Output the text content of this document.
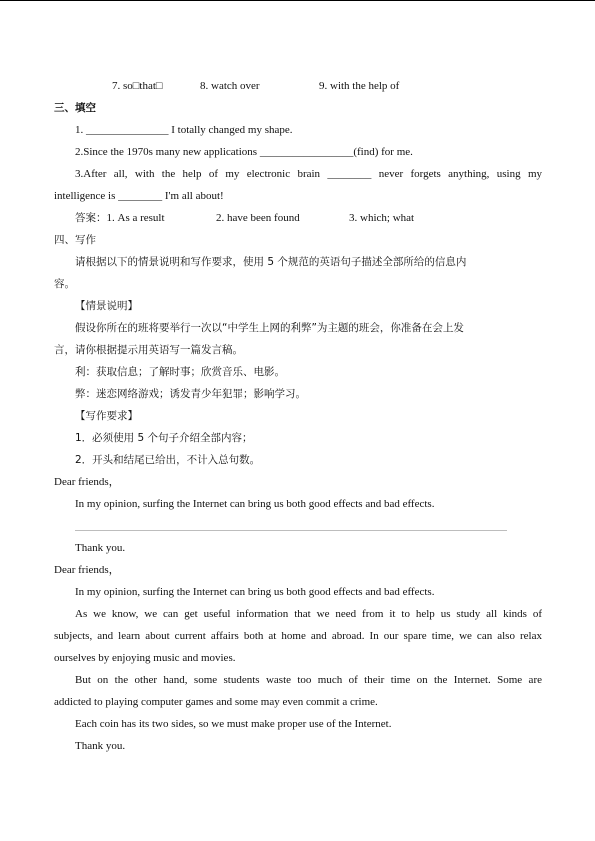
7. so□that□	8. watch over	9. with the help of
三、填空
1. _______________ I totally changed my shape.
2.Since the 1970s many new applications _________________(find) for me.
3.After all, with the help of my electronic brain ________ never forgets anything, using my
intelligence is ________ I'm all about!
答案：1. As a result	2. have been found	3. which; what
四、写作
请根据以下的情景说明和写作要求，使用 5 个规范的英语句子描述全部所给的信息内
容。
【情景说明】
假设你所在的班将要举行一次以“中学生上网的利弊”为主题的班会，你准备在会上发
言，请你根据提示用英语写一篇发言稿。
利：获取信息；了解时事；欣赏音乐、电影。
弊：迷恋网络游戏；诱发青少年犯罪；影响学习。
【写作要求】
1．必须使用 5 个句子介绍全部内容；
2．开头和结尾已给出，不计入总句数。
Dear friends，
In my opinion, surfing the Internet can bring us both good effects and bad effects.
Thank you.
Dear friends，
In my opinion, surfing the Internet can bring us both good effects and bad effects.
As we know, we can get useful information that we need from it to help us study all kinds of
subjects, and learn about current affairs both at home and abroad. In our spare time, we can also relax
ourselves by enjoying music and movies.
But on the other hand, some students waste too much of their time on the Internet. Some are
addicted to playing computer games and some may even commit a crime.
Each coin has its two sides, so we must make proper use of the Internet.
Thank you.
